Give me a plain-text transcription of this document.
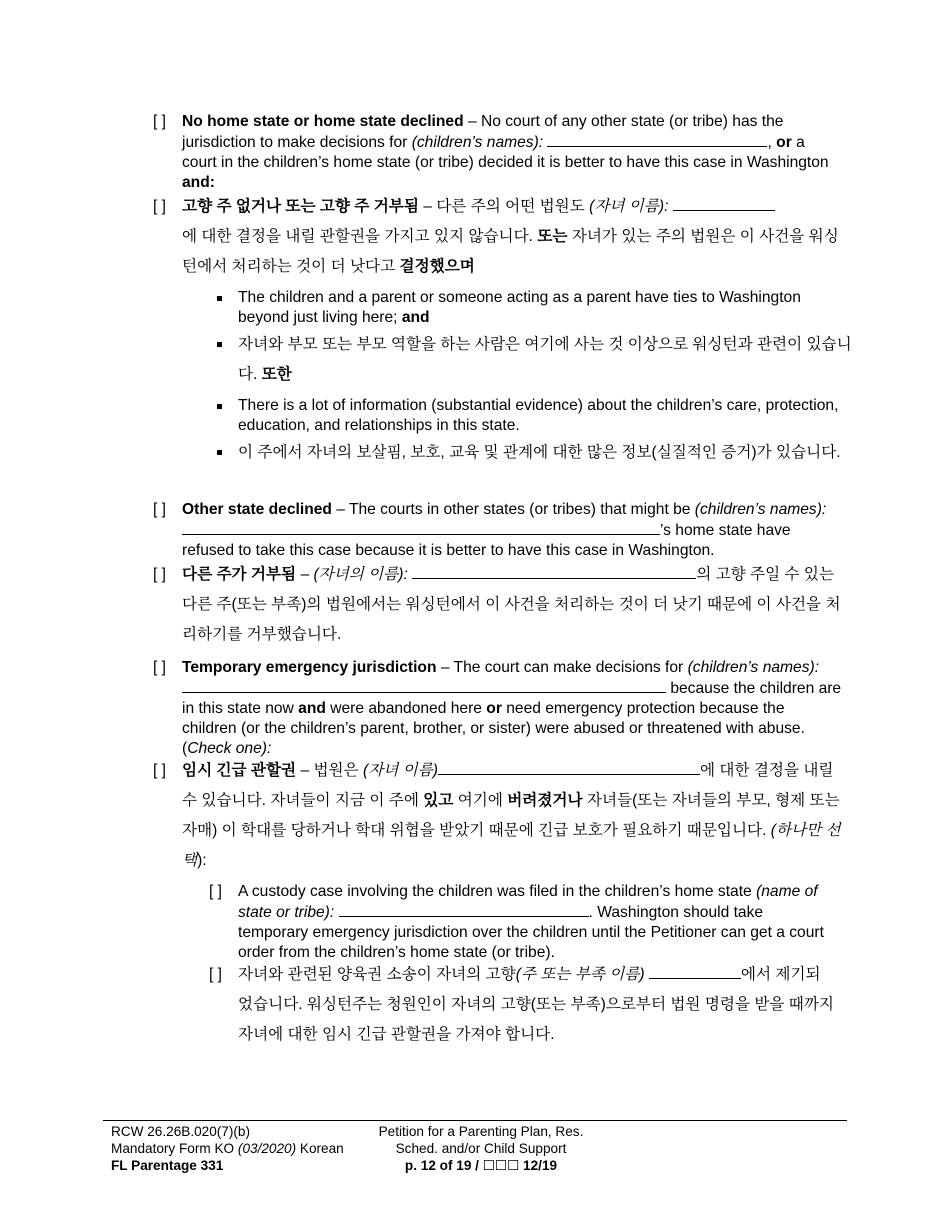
[ ]	No home state or home state declined – No court of any other state (or tribe) has the jurisdiction to make decisions for (children’s names):	, or a court in the children’s home state (or tribe) decided it is better to have this case in Washington and:
[ ]	고향 주 없거나 또는 고향 주 거부됨 – 다른 주의 어떤 법원도 (자녀 이름):
에 대한 결정을 내릴 관할권을 가지고 있지 않습니다. 또는 자녀가 있는 주의 법원은 이 사건을 워싱턴에서 처리하는 것이 더 낫다고 결정했으며
The children and a parent or someone acting as a parent have ties to Washington beyond just living here; and
자녀와 부모 또는 부모 역할을 하는 사람은 여기에 사는 것 이상으로 워싱턴과 관련이 있습니다. 또한
There is a lot of information (substantial evidence) about the children’s care, protection, education, and relationships in this state.
이 주에서 자녀의 보살핌, 보호, 교육 및 관계에 대한 많은 정보(실질적인 증거)가 있습니다.
[ ]	Other state declined – The courts in other states (or tribes) that might be (children’s names): ’s home state have refused to take this case because it is better to have this case in Washington.
[ ]	다른 주가 거부됨 – (자녀의 이름):	의 고향 주일 수 있는 다른 주(또는 부족)의 법원에서는 워싱턴에서 이 사건을 처리하는 것이 더 낫기 때문에 이 사건을 처리하기를 거부했습니다.
[ ]	Temporary emergency jurisdiction – The court can make decisions for (children’s names):  because the children are in this state now and were abandoned here or need emergency protection because the children (or the children’s parent, brother, or sister) were abused or threatened with abuse. (Check one):
[ ]	임시 긴급 관할권 – 법원은 (자녀 이름)	에 대한 결정을 내릴 수 있습니다. 자녀들이 지금 이 주에 있고 여기에 버려졌거나 자녀들(또는 자녀들의 부모, 형제 또는 자매) 이 학대를 당하거나 학대 위협을 받았기 때문에 긴급 보호가 필요하기 때문입니다. (하나만 선택):
[ ]	A custody case involving the children was filed in the children’s home state (name of state or tribe):	. Washington should take temporary emergency jurisdiction over the children until the Petitioner can get a court order from the children’s home state (or tribe).
[ ]	자녀와 관련된 양육권 소송이 자녀의 고향(주 또는 부족 이름)	에서 제기되었습니다. 워싱턴주는 청원인이 자녀의 고향(또는 부족)으로부터 법원 명령을 받을 때까지 자녀에 대한 임시 긴급 관할권을 가져야 합니다.
RCW 26.26B.020(7)(b)
Mandatory Form KO (03/2020) Korean
FL Parentage 331
Petition for a Parenting Plan, Res.
Sched. and/or Child Support
p. 12 of 19 / ☐☐☐ 12/19
